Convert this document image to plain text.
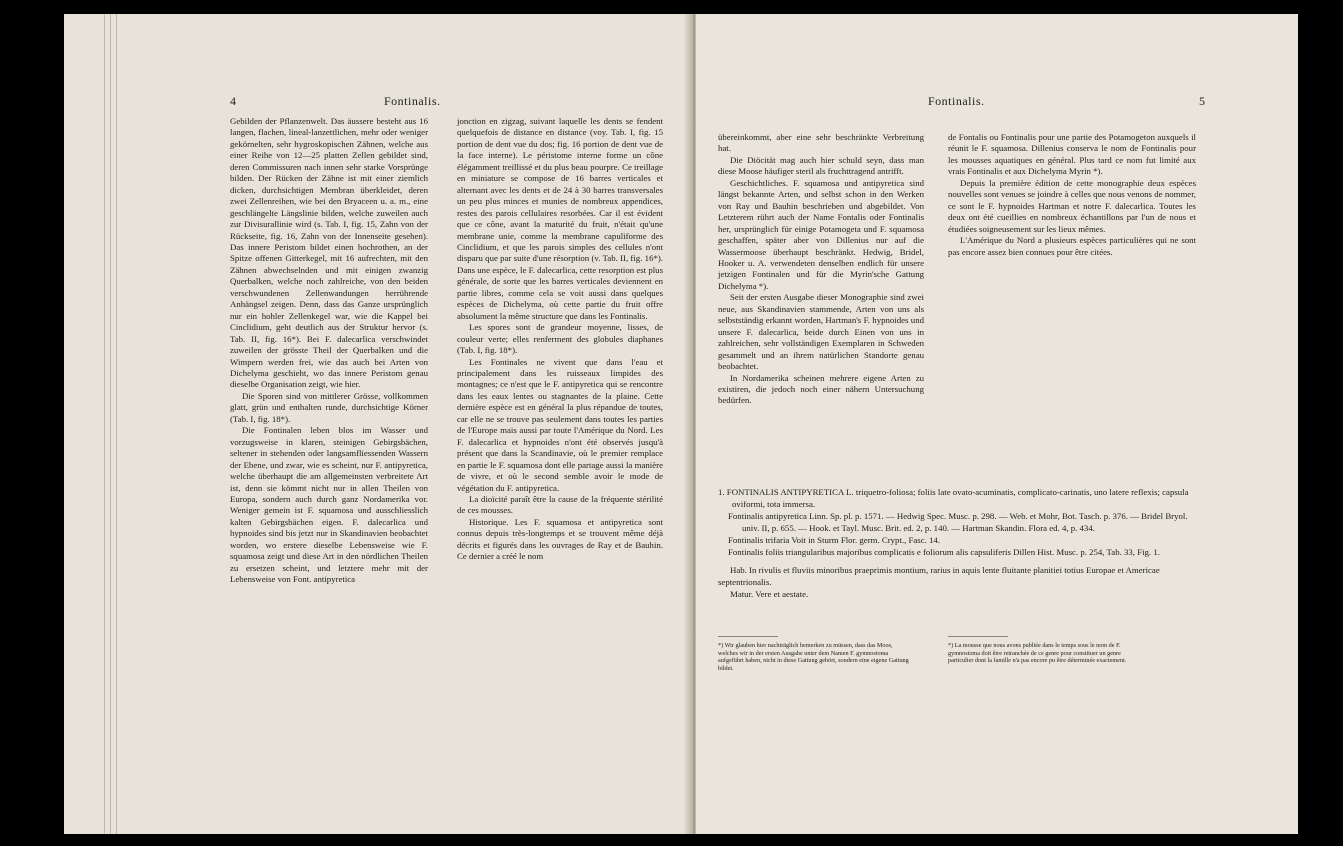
4	Fontinalis.

Gebilden der Pflanzenwelt. Das äussere besteht aus 16 langen, flachen, lineal-lanzettlichen, mehr oder weniger gekörnelten, sehr hygroskopischen Zähnen, welche aus einer Reihe von 12—25 platten Zellen gebildet sind, deren Commissuren nach innen sehr starke Vorsprünge bilden. Der Rücken der Zähne ist mit einer ziemlich dicken, durchsichtigen Membran überkleidet, deren zwei Zellenreihen, wie bei den Bryaceen u. a. m., eine geschlängelte Längslinie bilden, welche zuweilen auch zur Divisurallinie wird (s. Tab. I, fig. 15, Zahn von der Rückseite, fig. 16, Zahn von der Innenseite gesehen). Das innere Peristom bildet einen hochrothen, an der Spitze offenen Gitterkegel, mit 16 aufrechten, mit den Zähnen abwechselnden und mit einigen zwanzig Querbalken, welche noch zahlreiche, von den beiden verschwundenen Zellenwandungen herrührende Anhängsel zeigen. Denn, dass das Ganze ursprünglich nur ein hohler Zellenkegel war, wie die Kappel bei Cinclidium, geht deutlich aus der Struktur hervor (s. Tab. II, fig. 16*). Bei F. dalecarlica verschwindet zuweilen der grösste Theil der Querbalken und die Wimpern werden frei, wie das auch bei Arten von Dichelyma geschieht, wo das innere Peristom genau dieselbe Organisation zeigt, wie hier.

Die Sporen sind von mittlerer Grösse, vollkommen glatt, grün und enthalten runde, durchsichtige Körner (Tab. I, fig. 18*).

Die Fontinalen leben blos im Wasser und vorzugsweise in klaren, steinigen Gebirgsbächen, seltener in stehenden oder langsamfliessenden Wassern der Ebene, und zwar, wie es scheint, nur F. antipyretica, welche überhaupt die am allgemeinsten verbreitete Art ist, denn sie kömmt nicht nur in allen Theilen von Europa, sondern auch durch ganz Nordamerika vor. Weniger gemein ist F. squamosa und ausschliesslich kalten Gebirgsbächen eigen. F. dalecarlica und hypnoides sind bis jetzt nur in Skandinavien beobachtet worden, wo erstere dieselbe Lebensweise wie F. squamosa zeigt und diese Art in den nördlichen Theilen zu ersetzen scheint, und letztere mehr mit der Lebensweise von Font. antipyretica

jonction en zigzag, suivant laquelle les dents se fendent quelquefois de distance en distance (voy. Tab. I, fig. 15 portion de dent vue du dos; fig. 16 portion de dent vue de la face interne). Le péristome interne forme un cône élégamment treillissé et du plus beau pourpre. Ce treillage en miniature se compose de 16 barres verticales et alternant avec les dents et de 24 à 30 barres transversales un peu plus minces et munies de nombreux appendices, restes des parois cellulaires resorbées. Car il est évident que ce cône, avant la maturité du fruit, n'était qu'une membrane unie, comme la membrane capuliforme des Cinclidium, et que les parois simples des cellules n'ont disparu que par suite d'une résorption (v. Tab. II, fig. 16*). Dans une espèce, le F. dalecarlica, cette resorption est plus générale, de sorte que les barres verticales deviennent en partie libres, comme cela se voit aussi dans quelques espèces de Dichelyma, où cette partie du fruit offre absolument la même structure que dans les Fontinalis.

Les spores sont de grandeur moyenne, lisses, de couleur verte; elles renferment des globules diaphanes (Tab. I, fig. 18*).

Les Fontinales ne vivent que dans l'eau et principalement dans les ruisseaux limpides des montagnes; ce n'est que le F. antipyretica qui se rencontre dans les eaux lentes ou stagnantes de la plaine. Cette dernière espèce est en général la plus répandue de toutes, car elle ne se trouve pas seulement dans toutes les parties de l'Europe mais aussi par toute l'Amérique du Nord. Les F. dalecarlica et hypnoides n'ont été observés jusqu'à présent que dans la Scandinavie, où le premier remplace en partie le F. squamosa dont elle partage aussi la manière de vivre, et où le second semble avoir le mode de végétation du F. antipyretica.

La dioïcité paraît être la cause de la fréquente stérilité de ces mousses.

Historique. Les F. squamosa et antipyretica sont connus depuis très-longtemps et se trouvent même déjà décrits et figurés dans les ouvrages de Ray et de Bauhin. Ce dernier a créé le nom

Fontinalis.	5

übereinkommt, aber eine sehr beschränkte Verbreitung hat.

Die Diöcität mag auch hier schuld seyn, dass man diese Moose häufiger steril als fruchttragend antrifft.

Geschichtliches. F. squamosa und antipyretica sind längst bekannte Arten, und selbst schon in den Werken von Ray und Bauhin beschrieben und abgebildet. Von Letzterem rührt auch der Name Fontalis oder Fontinalis her, ursprünglich für einige Potamogeta und F. squamosa geschaffen, später aber von Dillenius nur auf die Wassermoose überhaupt beschränkt. Hedwig, Bridel, Hooker u. A. verwendeten denselben endlich für unsere jetzigen Fontinalen und für die Myrin'sche Gattung Dichelyma *).

Seit der ersten Ausgabe dieser Monographie sind zwei neue, aus Skandinavien stammende, Arten von uns als selbstständig erkannt worden, Hartman's F. hypnoides und unsere F. dalecarlica, beide durch Einen von uns in zahlreichen, sehr vollständigen Exemplaren in Schweden gesammelt und an ihrem natürlichen Standorte genau beobachtet.

In Nordamerika scheinen mehrere eigene Arten zu existiren, die jedoch noch einer nähern Untersuchung bedürfen.

de Fontalis ou Fontinalis pour une partie des Potamogeton auxquels il réunit le F. squamosa. Dillenius conserva le nom de Fontinalis pour les mousses aquatiques en général. Plus tard ce nom fut limité aux vrais Fontinalis et aux Dichelyma Myrin *).

Depuis la première édition de cette monographie deux espèces nouvelles sont venues se joindre à celles que nous venons de nommer, ce sont le F. hypnoides Hartman et notre F. dalecarlica. Toutes les deux ont été cueillies en nombreux échantillons par l'un de nous et étudiées soigneusement sur les lieux mêmes.

L'Amérique du Nord a plusieurs espèces particulières qui ne sont pas encore assez bien connues pour être citées.

1. FONTINALIS ANTIPYRETICA L. triquetro-foliosa; foliis late ovato-acuminatis, complicato-carinatis, uno latere reflexis; capsula oviformi, tota immersa.

Fontinalis antipyretica Linn. Sp. pl. p. 1571. — Hedwig Spec. Musc. p. 298. — Web. et Mohr, Bot. Tasch. p. 376. — Bridel Bryol. univ. II, p. 655. — Hook. et Tayl. Musc. Brit. ed. 2, p. 140. — Hartman Skandin. Flora ed. 4, p. 434.

Fontinalis trifaria Voit in Sturm Flor. germ. Crypt., Fasc. 14.

Fontinalis foliis triangularibus majoribus complicatis e foliorum alis capsuliferis Dillen Hist. Musc. p. 254, Tab. 33, Fig. 1.

Hab. In rivulis et fluviis minoribus praeprimis montium, rarius in aquis lente fluitante planitiei totius Europae et Americae septentrionalis.

Matur. Vere et aestate.

*) Wir glauben hier nachträglich bemerken zu müssen, dass das Moos, welches wir in der ersten Ausgabe unter dem Namen F. gymnostoma aufgeführt haben, nicht in diese Gattung gehört, sondern eine eigene Gattung bildet.
*) La mousse que nous avons publiée dans le temps sous le nom de F. gymnostoma doit être retranchée de ce genre pour constituer un genre particulier dont la famille n'a pas encore pu être déterminée exactement.
